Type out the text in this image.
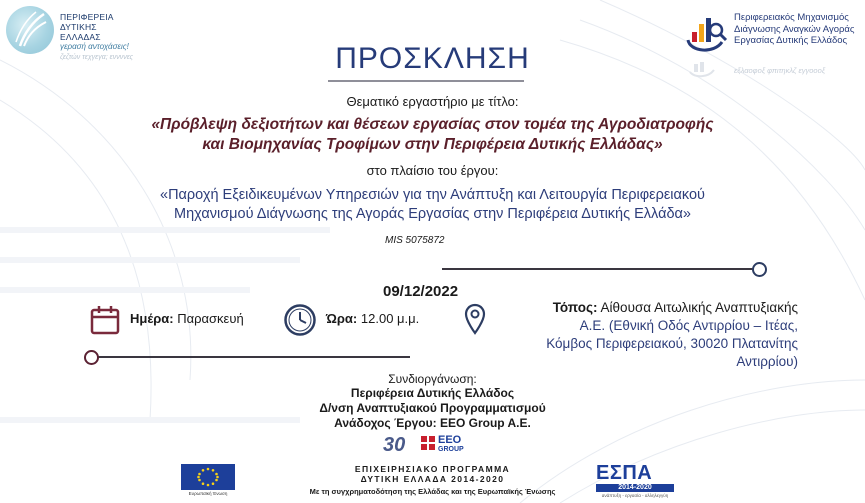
ΠΕΡΙΦΕΡΕΙΑ
ΔΥΤΙΚΗΣ
ΕΛΛΑΔΑΣ
γερασή αντοχάσεις!
ζεζτών τεχγεγα; εννννες
Περιφερειακός Μηχανισμός
Διάγνωσης Αναγκών Αγοράς
Εργασίας Δυτικής Ελλάδος
εξλαοφοξ φπιτηκλζ εγγοοοξ
ΠΡΟΣΚΛΗΣΗ
Θεματικό εργαστήριο με τίτλο:
«Πρόβλεψη δεξιοτήτων και θέσεων εργασίας στον τομέα της Αγροδιατροφής
και Βιομηχανίας Τροφίμων στην Περιφέρεια Δυτικής Ελλάδας»
στο πλαίσιο του έργου:
«Παροχή Εξειδικευμένων Υπηρεσιών για την Ανάπτυξη και Λειτουργία Περιφερειακού
Μηχανισμού Διάγνωσης της Αγοράς Εργασίας στην Περιφέρεια Δυτικής Ελλάδα»
MIS 5075872
09/12/2022
Ημέρα: Παρασκευή	Ώρα: 12.00 μ.μ.
Τόπος: Αίθουσα Αιτωλικής Αναπτυξιακής
Α.Ε. (Εθνική Οδός Αντιρρίου – Ιτέας,
Κόμβος Περιφερειακού, 30020 Πλατανίτης
Αντιρρίου)
Συνδιοργάνωση:
Περιφέρεια Δυτικής Ελλάδος
Δ/νση Αναπτυξιακού Προγραμματισμού
Ανάδοχος Έργου: EEO Group A.E.
30	EEO
GROUP
Ευρωπαϊκή Ένωση
ΕΠΙΧΕΙΡΗΣΙΑΚΟ ΠΡΟΓΡΑΜΜΑ
ΔΥΤΙΚΗ ΕΛΛΑΔΑ 2014-2020
Με τη συγχρηματοδότηση της Ελλάδας και της Ευρωπαϊκής Ένωσης
ΕΣΠΑ
2014-2020
ανάπτυξη - εργασία - αλληλεγγύη
